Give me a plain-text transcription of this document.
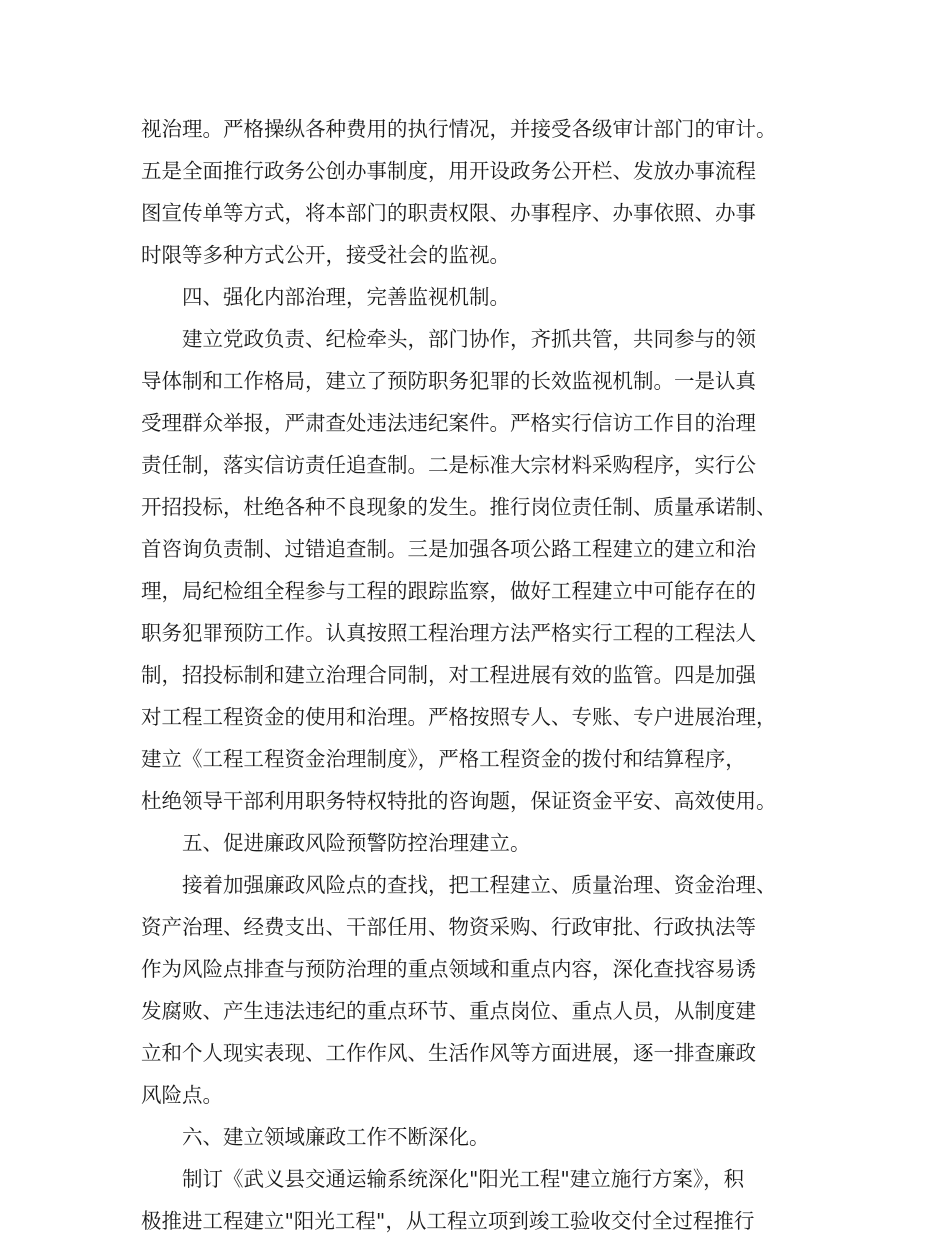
视治理。严格操纵各种费用的执行情况，并接受各级审计部门的审计。
五是全面推行政务公创办事制度，用开设政务公开栏、发放办事流程
图宣传单等方式，将本部门的职责权限、办事程序、办事依照、办事
时限等多种方式公开，接受社会的监视。
四、强化内部治理，完善监视机制。
建立党政负责、纪检牵头，部门协作，齐抓共管，共同参与的领
导体制和工作格局，建立了预防职务犯罪的长效监视机制。一是认真
受理群众举报，严肃查处违法违纪案件。严格实行信访工作目的治理
责任制，落实信访责任追查制。二是标准大宗材料采购程序，实行公
开招投标，杜绝各种不良现象的发生。推行岗位责任制、质量承诺制、
首咨询负责制、过错追查制。三是加强各项公路工程建立的建立和治
理，局纪检组全程参与工程的跟踪监察，做好工程建立中可能存在的
职务犯罪预防工作。认真按照工程治理方法严格实行工程的工程法人
制，招投标制和建立治理合同制，对工程进展有效的监管。四是加强
对工程工程资金的使用和治理。严格按照专人、专账、专户进展治理，
建立《工程工程资金治理制度》，严格工程资金的拨付和结算程序，
杜绝领导干部利用职务特权特批的咨询题，保证资金平安、高效使用。
五、促进廉政风险预警防控治理建立。
接着加强廉政风险点的查找，把工程建立、质量治理、资金治理、
资产治理、经费支出、干部任用、物资采购、行政审批、行政执法等
作为风险点排查与预防治理的重点领域和重点内容，深化查找容易诱
发腐败、产生违法违纪的重点环节、重点岗位、重点人员，从制度建
立和个人现实表现、工作作风、生活作风等方面进展，逐一排查廉政
风险点。
六、建立领域廉政工作不断深化。
制订《武义县交通运输系统深化"阳光工程"建立施行方案》，积
极推进工程建立"阳光工程"，从工程立项到竣工验收交付全过程推行
